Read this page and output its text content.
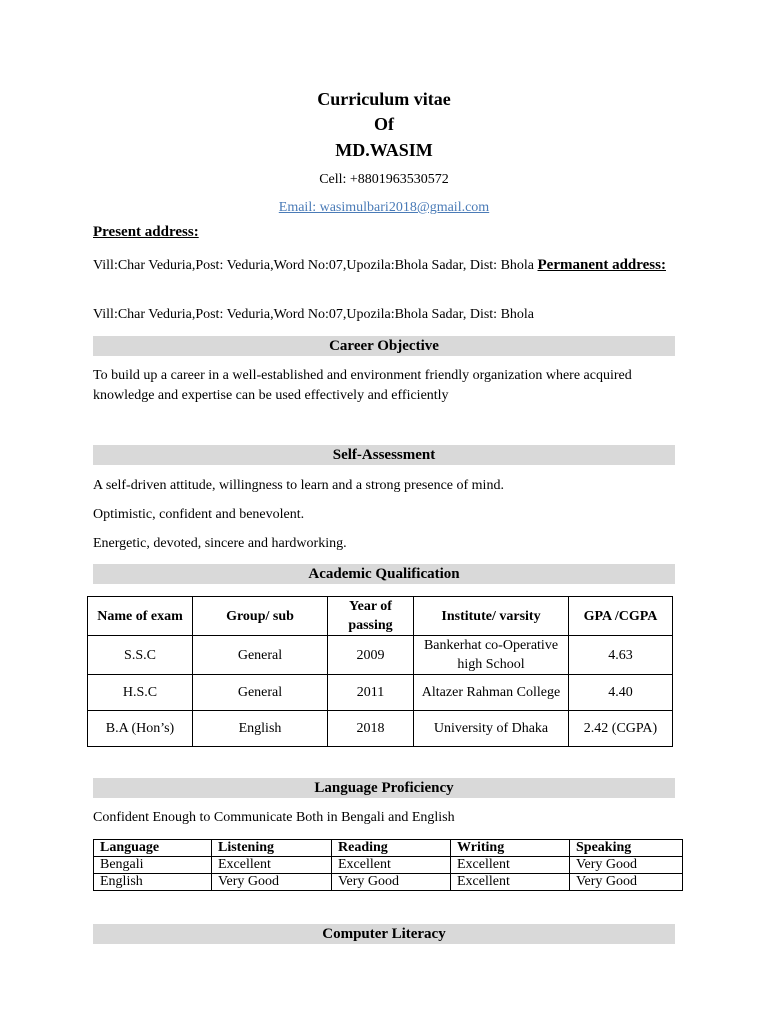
Curriculum vitae
Of
MD.WASIM
Cell: +8801963530572
Email: wasimulbari2018@gmail.com
Present address:
Vill:Char Veduria,Post: Veduria,Word No:07,Upozila:Bhola Sadar, Dist: Bhola Permanent address:
Vill:Char Veduria,Post: Veduria,Word No:07,Upozila:Bhola Sadar, Dist: Bhola
Career Objective
To build up a career in a well-established and environment friendly organization where acquired knowledge and expertise can be used effectively and efficiently
Self-Assessment
A self-driven attitude, willingness to learn and a strong presence of mind.
Optimistic, confident and benevolent.
Energetic, devoted, sincere and hardworking.
Academic Qualification
Name of exam	Group/ sub	Year of passing	Institute/ varsity	GPA /CGPA
S.S.C	General	2009	Bankerhat co-Operative high School	4.63
H.S.C	General	2011	Altazer Rahman College	4.40
B.A (Hon’s)	English	2018	University of Dhaka	2.42 (CGPA)
Language Proficiency
Confident Enough to Communicate Both in Bengali and English
Language	Listening	Reading	Writing	Speaking
Bengali	Excellent	Excellent	Excellent	Very Good
English	Very Good	Very Good	Excellent	Very Good
Computer Literacy
